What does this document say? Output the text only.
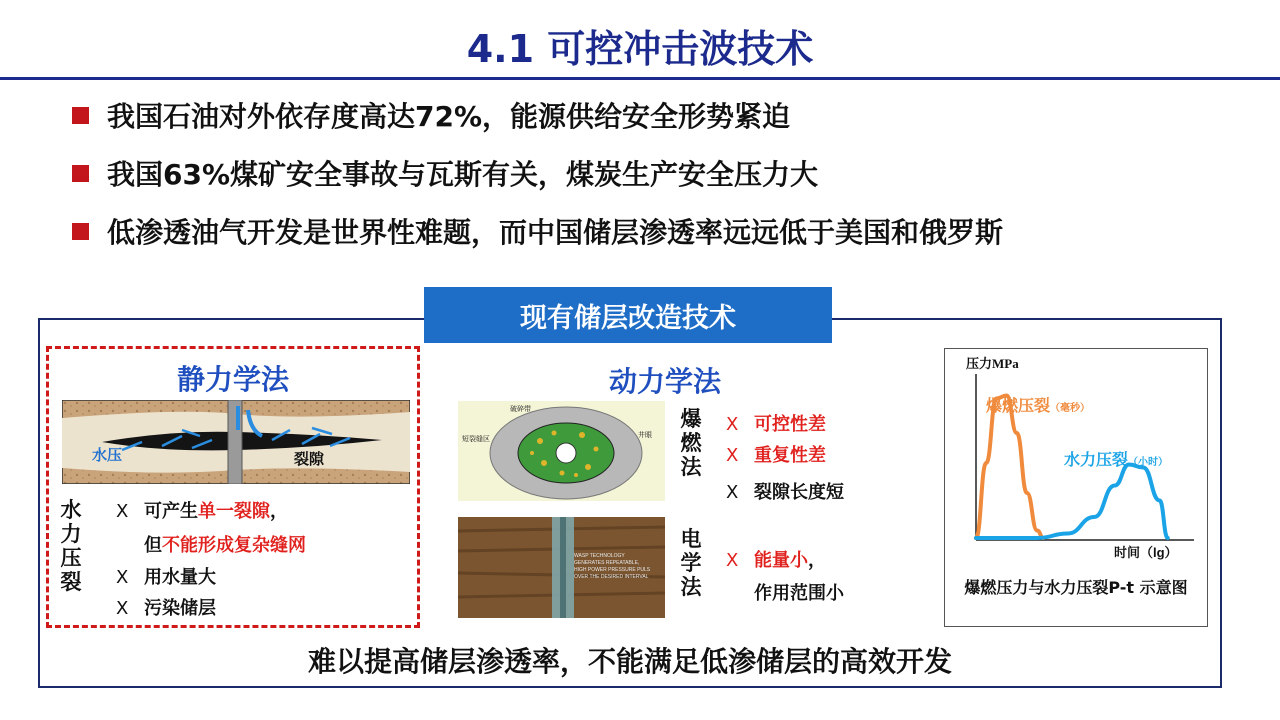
4.1 可控冲击波技术
我国石油对外依存度高达72%，能源供给安全形势紧迫
我国63%煤矿安全事故与瓦斯有关，煤炭生产安全压力大
低渗透油气开发是世界性难题，而中国储层渗透率远远低于美国和俄罗斯
现有储层改造技术
静力学法
水压	裂隙
水
力
压
裂
X 可产生单一裂隙，
但不能形成复杂缝网
X 用水量大
X 污染储层
动力学法
破碎带
短裂缝区
井眼
WASP TECHNOLOGY
GENERATES REPEATABLE,
HIGH POWER PRESSURE PULS
OVER THE DESIRED INTERVAL
爆
燃
法
X 可控性差
X 重复性差
X 裂隙长度短
电
学
法
X 能量小，
作用范围小
压力MPa
时间（lg）
爆燃压裂（毫秒）
水力压裂（小时）
爆燃压力与水力压裂P-t 示意图
难以提高储层渗透率，不能满足低渗储层的高效开发
